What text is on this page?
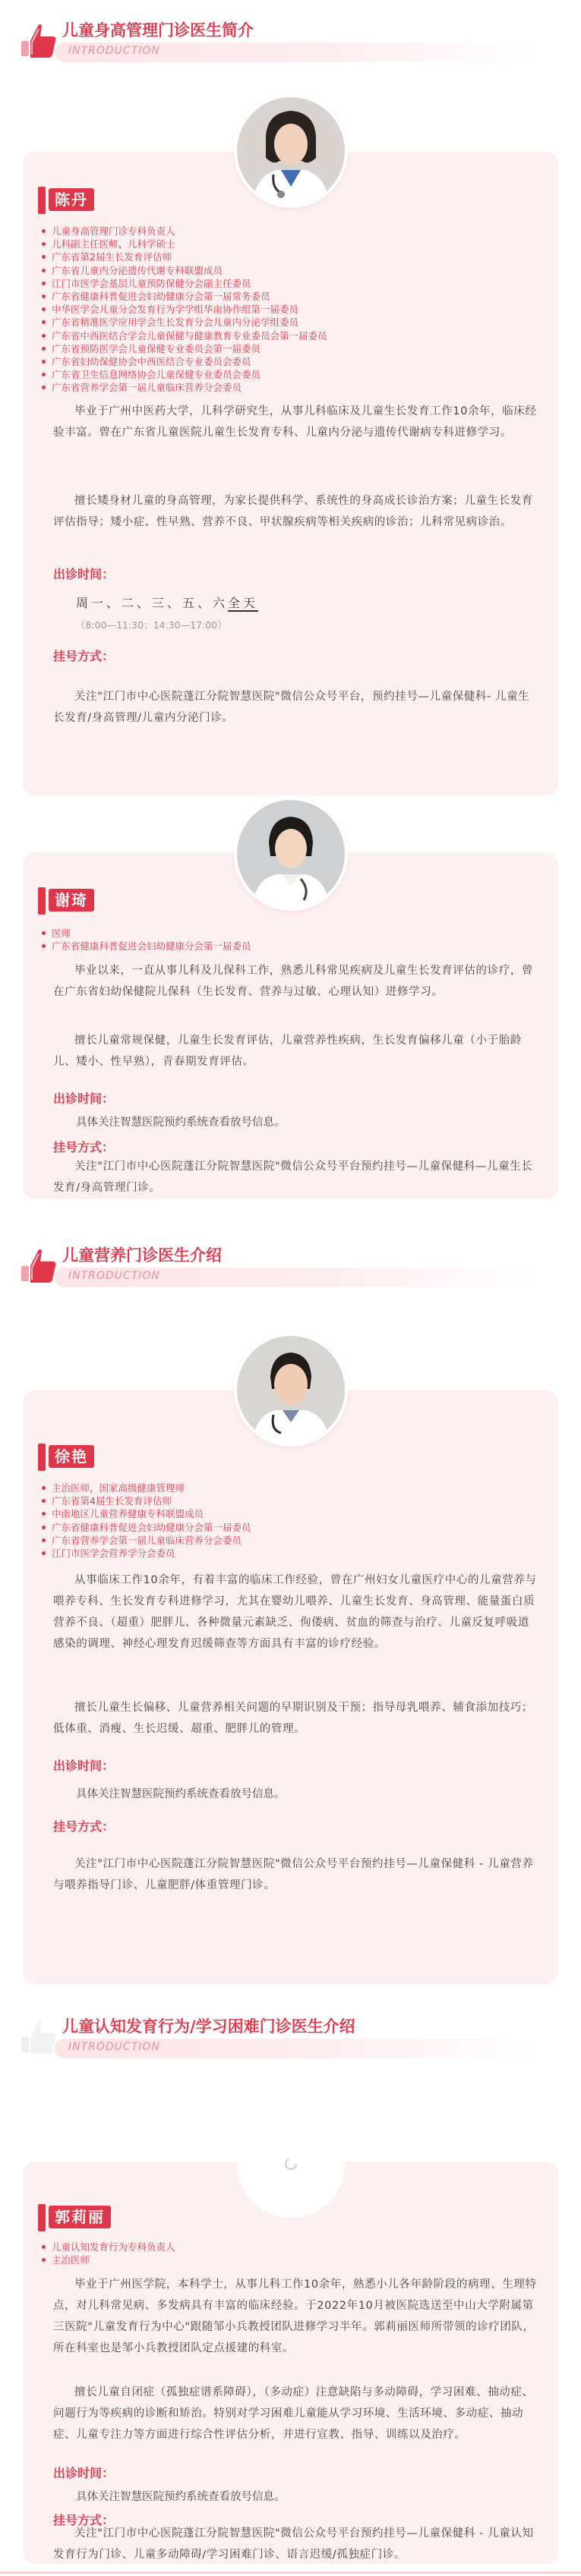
儿童身高管理门诊医生简介
INTRODUCTION
陈丹
儿童身高管理门诊专科负责人
儿科副主任医师、儿科学硕士
广东省第2届生长发育评估师
广东省儿童内分泌遗传代谢专科联盟成员
江门市医学会基层儿童预防保健分会副主任委员
广东省健康科普促进会妇幼健康分会第一届常务委员
中华医学会儿童分会发育行为学学组华南协作组第一届委员
广东省精准医学应用学会生长发育分会儿童内分泌学组委员
广东省中西医结合学会儿童保健与健康教育专业委员会第一届委员
广东省预防医学会儿童保健专业委员会第一届委员
广东省妇幼保健协会中西医结合专业委员会委员
广东省卫生信息网络协会儿童保健专业委员会委员
广东省营养学会第一届儿童临床营养分会委员

毕业于广州中医药大学，儿科学研究生，从事儿科临床及儿童生长发育工作10余年，临床经验丰富。曾在广东省儿童医院儿童生长发育专科、儿童内分泌与遗传代谢病专科进修学习。

擅长矮身材儿童的身高管理，为家长提供科学、系统性的身高成长诊治方案；儿童生长发育评估指导；矮小症、性早熟、营养不良、甲状腺疾病等相关疾病的诊治；儿科常见病诊治。

出诊时间：
周一、二、三、五、六全天
（8:00—11:30；14:30—17:00）
挂号方式：

关注"江门市中心医院蓬江分院智慧医院"微信公众号平台，预约挂号—儿童保健科- 儿童生长发育/身高管理/儿童内分泌门诊。

谢琦
医师
广东省健康科普促进会妇幼健康分会第一届委员

毕业以来，一直从事儿科及儿保科工作，熟悉儿科常见疾病及儿童生长发育评估的诊疗，曾在广东省妇幼保健院儿保科（生长发育、营养与过敏、心理认知）进修学习。

擅长儿童常规保健，儿童生长发育评估，儿童营养性疾病，生长发育偏移儿童（小于胎龄儿、矮小、性早熟），青春期发育评估。

出诊时间：
具体关注智慧医院预约系统查看放号信息。
挂号方式：

关注"江门市中心医院蓬江分院智慧医院"微信公众号平台预约挂号—儿童保健科—儿童生长发育/身高管理门诊。

儿童营养门诊医生介绍
INTRODUCTION
徐艳
主治医师，国家高级健康管理师
广东省第4届生长发育评估师
中南地区儿童营养健康专科联盟成员
广东省健康科普促进会妇幼健康分会第一届委员
广东省营养学会第一届儿童临床营养分会委员
江门市医学会营养学分会委员

从事临床工作10余年，有着丰富的临床工作经验，曾在广州妇女儿童医疗中心的儿童营养与喂养专科、生长发育专科进修学习，尤其在婴幼儿喂养、儿童生长发育、身高管理、能量蛋白质营养不良、（超重）肥胖儿、各种微量元素缺乏、佝偻病、贫血的筛查与治疗、儿童反复呼吸道感染的调理、神经心理发育迟缓筛查等方面具有丰富的诊疗经验。

擅长儿童生长偏移、儿童营养相关问题的早期识别及干预；指导母乳喂养、辅食添加技巧；低体重、消瘦、生长迟缓、超重、肥胖儿的管理。

出诊时间：
具体关注智慧医院预约系统查看放号信息。
挂号方式：

关注"江门市中心医院蓬江分院智慧医院"微信公众号平台预约挂号—儿童保健科 - 儿童营养与喂养指导门诊、儿童肥胖/体重管理门诊。

儿童认知发育行为/学习困难门诊医生介绍
INTRODUCTION
郭莉丽
儿童认知发育行为专科负责人
主治医师

毕业于广州医学院，本科学士，从事儿科工作10余年，熟悉小儿各年龄阶段的病理、生理特点，对儿科常见病、多发病具有丰富的临床经验。于2022年10月被医院选送至中山大学附属第三医院"儿童发育行为中心"跟随邹小兵教授团队进修学习半年。郭莉丽医师所带领的诊疗团队，所在科室也是邹小兵教授团队定点援建的科室。

擅长儿童自闭症（孤独症谱系障碍），（多动症）注意缺陷与多动障碍，学习困难、抽动症、问题行为等疾病的诊断和矫治。特别对学习困难儿童能从学习环境、生活环境、多动症、抽动症、儿童专注力等方面进行综合性评估分析，并进行宣教、指导、训练以及治疗。

出诊时间：
具体关注智慧医院预约系统查看放号信息。
挂号方式：

关注"江门市中心医院蓬江分院智慧医院"微信公众号平台预约挂号—儿童保健科 - 儿童认知发育行为门诊、儿童多动障碍/学习困难门诊、语言迟缓/孤独症门诊。
